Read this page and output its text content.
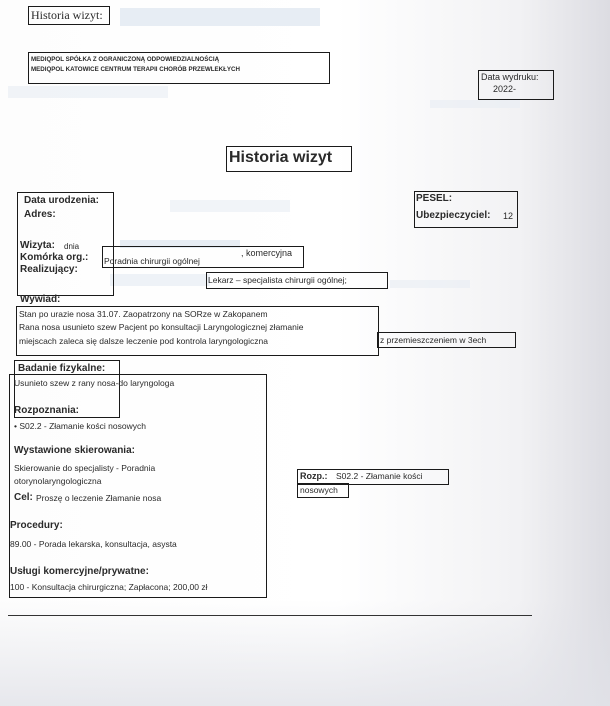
Historia wizyt:
MEDIQPOL SPÓŁKA Z OGRANICZONĄ ODPOWIEDZIALNOŚCIĄ
MEDIQPOL KATOWICE CENTRUM TERAPII CHORÓB PRZEWLEKŁYCH
Data wydruku:
2022-
Historia wizyt
Data urodzenia:
Adres:
PESEL:
Ubezpieczyciel: 12
Wizyta: dnia
, komercyjna
Komórka org.: Poradnia chirurgii ogólnej
Realizujący:
Lekarz – specjalista chirurgii ogólnej;
Wywiad:
Stan po urazie nosa 31.07. Zaopatrzony na SORze w Zakopanem
Rana nosa usunieto szew Pacjent po konsultacji Laryngologicznej złamanie
z przemieszczeniem w 3ech
miejscach zaleca się dalsze leczenie pod kontrola laryngologiczna
Badanie fizykalne:
Usunieto szew z rany nosa-do laryngologa
Rozpoznania:
• S02.2 - Złamanie kości nosowych
Wystawione skierowania:
Skierowanie do specjalisty - Poradnia
otorynolaryngologiczna
Cel: Proszę o leczenie Złamanie nosa
Procedury:
89.00 - Porada lekarska, konsultacja, asysta
Usługi komercyjne/prywatne:
100 - Konsultacja chirurgiczna; Zapłacona; 200,00 zł
Rozp.: S02.2 - Złamanie kości
nosowych
